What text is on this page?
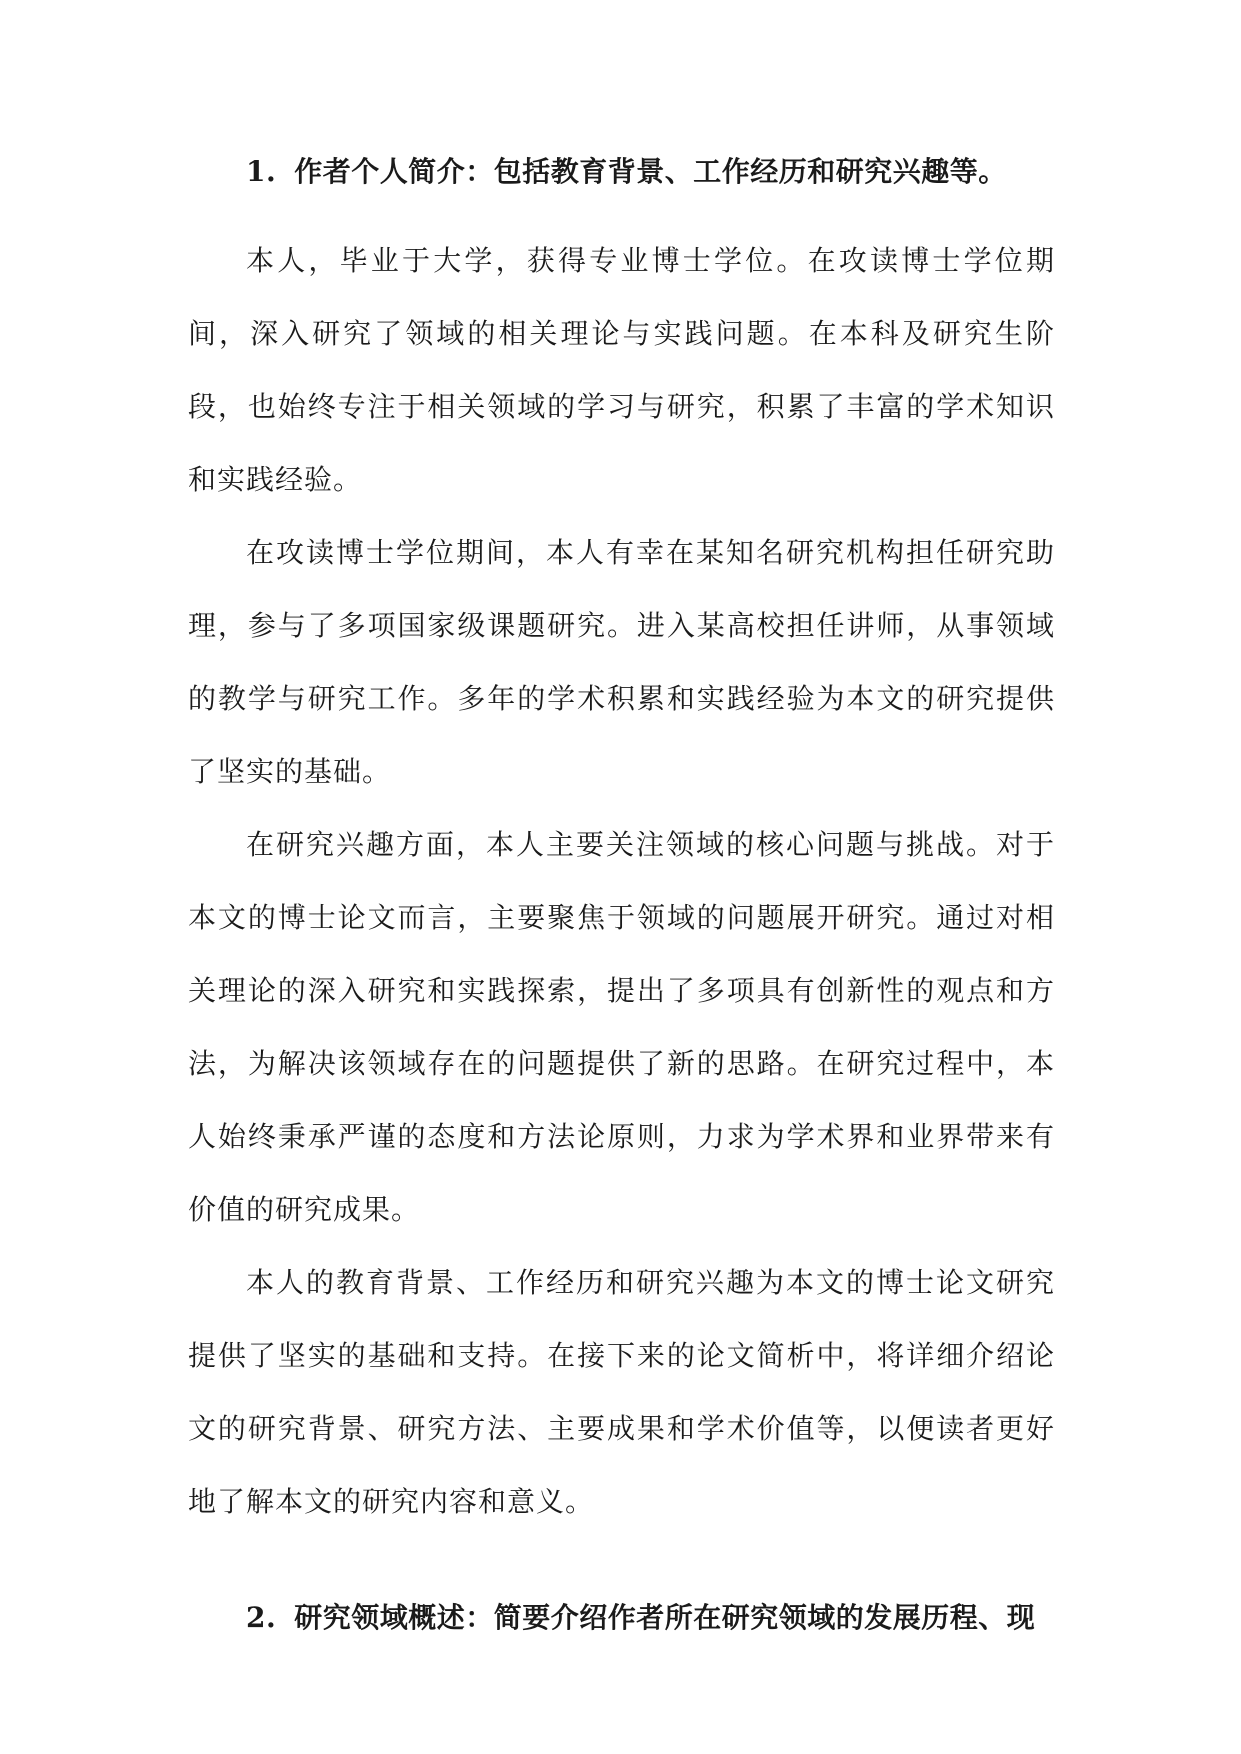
1. 作者个人简介：包括教育背景、工作经历和研究兴趣等。

本人，毕业于大学，获得专业博士学位。在攻读博士学位期间，深入研究了领域的相关理论与实践问题。在本科及研究生阶段，也始终专注于相关领域的学习与研究，积累了丰富的学术知识和实践经验。

在攻读博士学位期间，本人有幸在某知名研究机构担任研究助理，参与了多项国家级课题研究。进入某高校担任讲师，从事领域的教学与研究工作。多年的学术积累和实践经验为本文的研究提供了坚实的基础。

在研究兴趣方面，本人主要关注领域的核心问题与挑战。对于本文的博士论文而言，主要聚焦于领域的问题展开研究。通过对相关理论的深入研究和实践探索，提出了多项具有创新性的观点和方法，为解决该领域存在的问题提供了新的思路。在研究过程中，本人始终秉承严谨的态度和方法论原则，力求为学术界和业界带来有价值的研究成果。

本人的教育背景、工作经历和研究兴趣为本文的博士论文研究提供了坚实的基础和支持。在接下来的论文简析中，将详细介绍论文的研究背景、研究方法、主要成果和学术价值等，以便读者更好地了解本文的研究内容和意义。

2. 研究领域概述：简要介绍作者所在研究领域的发展历程、现
